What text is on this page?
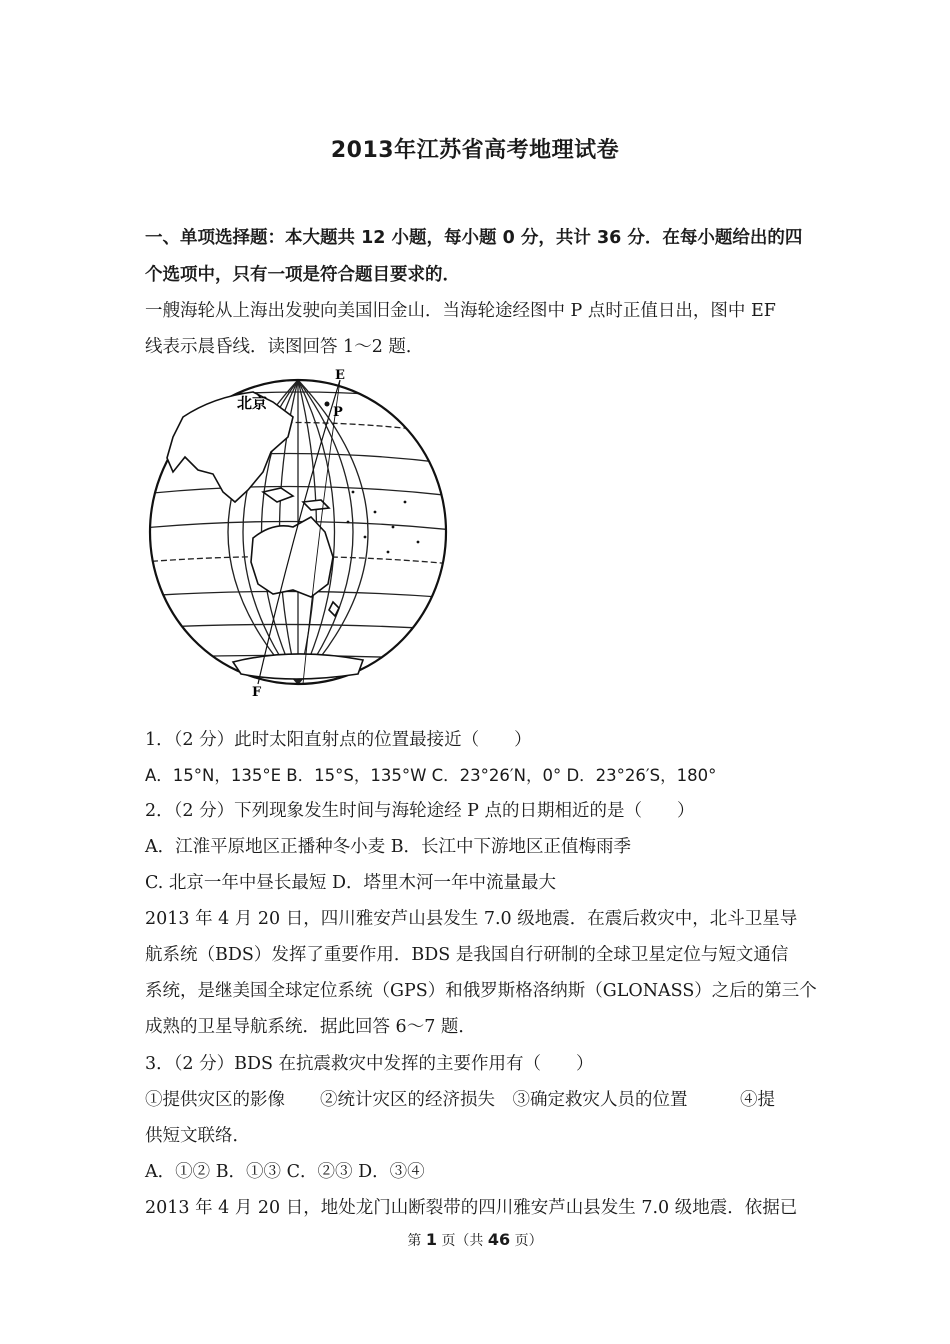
2013年江苏省高考地理试卷
一、单项选择题：本大题共 12 小题，每小题 0 分，共计 36 分．在每小题给出的四
个选项中，只有一项是符合题目要求的．
一艘海轮从上海出发驶向美国旧金山．当海轮途经图中 P 点时正值日出，图中 EF
线表示晨昏线．读图回答 1～2 题．
1．（2 分）此时太阳直射点的位置最接近（　　）
A．15°N，135°E B．15°S，135°W C．23°26′N，0° D．23°26′S，180°
2．（2 分）下列现象发生时间与海轮途经 P 点的日期相近的是（　　）
A．江淮平原地区正播种冬小麦 B．长江中下游地区正值梅雨季
C. 北京一年中昼长最短 D．塔里木河一年中流量最大
2013 年 4 月 20 日，四川雅安芦山县发生 7.0 级地震．在震后救灾中，北斗卫星导
航系统（BDS）发挥了重要作用．BDS 是我国自行研制的全球卫星定位与短文通信
系统，是继美国全球定位系统（GPS）和俄罗斯格洛纳斯（GLONASS）之后的第三个
成熟的卫星导航系统．据此回答 6～7 题．
3．（2 分）BDS 在抗震救灾中发挥的主要作用有（　　）
①提供灾区的影像　　②统计灾区的经济损失　③确定救灾人员的位置　　　④提
供短文联络．
A．①② B．①③ C．②③ D．③④
2013 年 4 月 20 日，地处龙门山断裂带的四川雅安芦山县发生 7.0 级地震．依据已
北京
E
P
F
第 1 页（共 46 页）
